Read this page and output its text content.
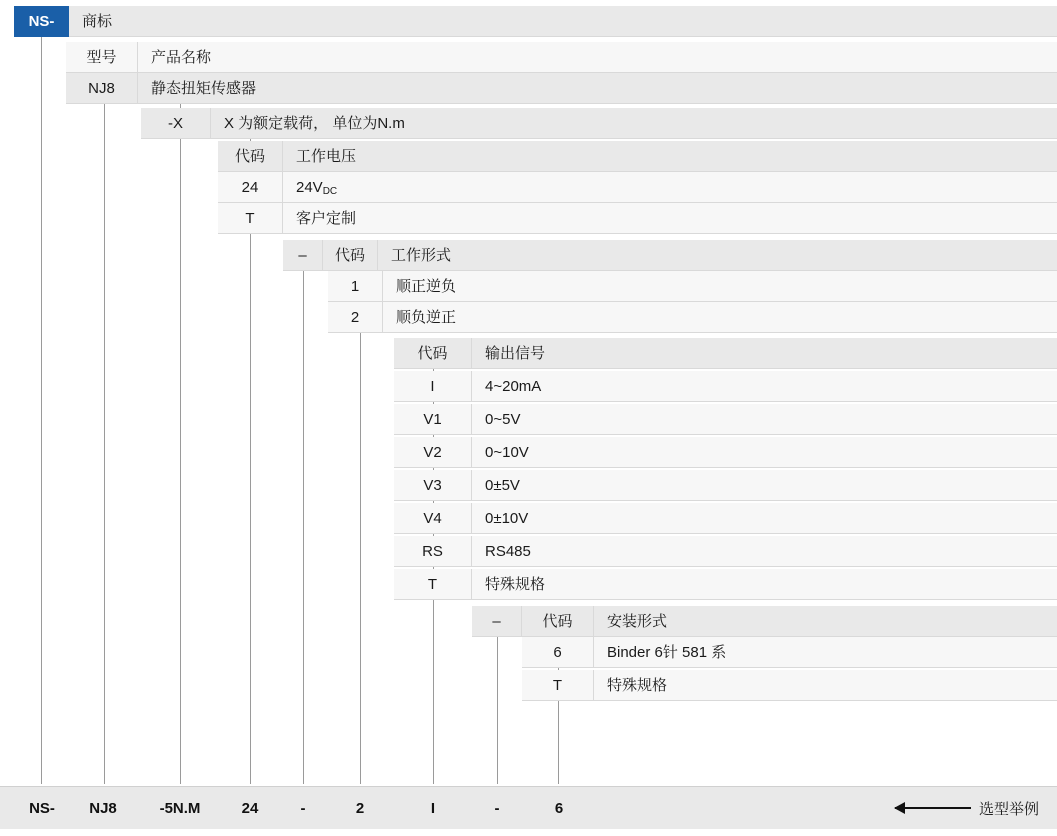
NS-	商标
型号	产品名称
NJ8	静态扭矩传感器
-X	X 为额定载荷， 单位为N.m
代码	工作电压
24	24VDC
T	客户定制
–	代码	工作形式
1	顺正逆负
2	顺负逆正
代码	输出信号
I	4~20mA
V1	0~5V
V2	0~10V
V3	0±5V
V4	0±10V
RS	RS485
T	特殊规格
–	代码	安装形式
6	Binder 6针 581 系
T	特殊规格
NS-	NJ8	-5N.M	24	-	2	I	-	6	选型举例
